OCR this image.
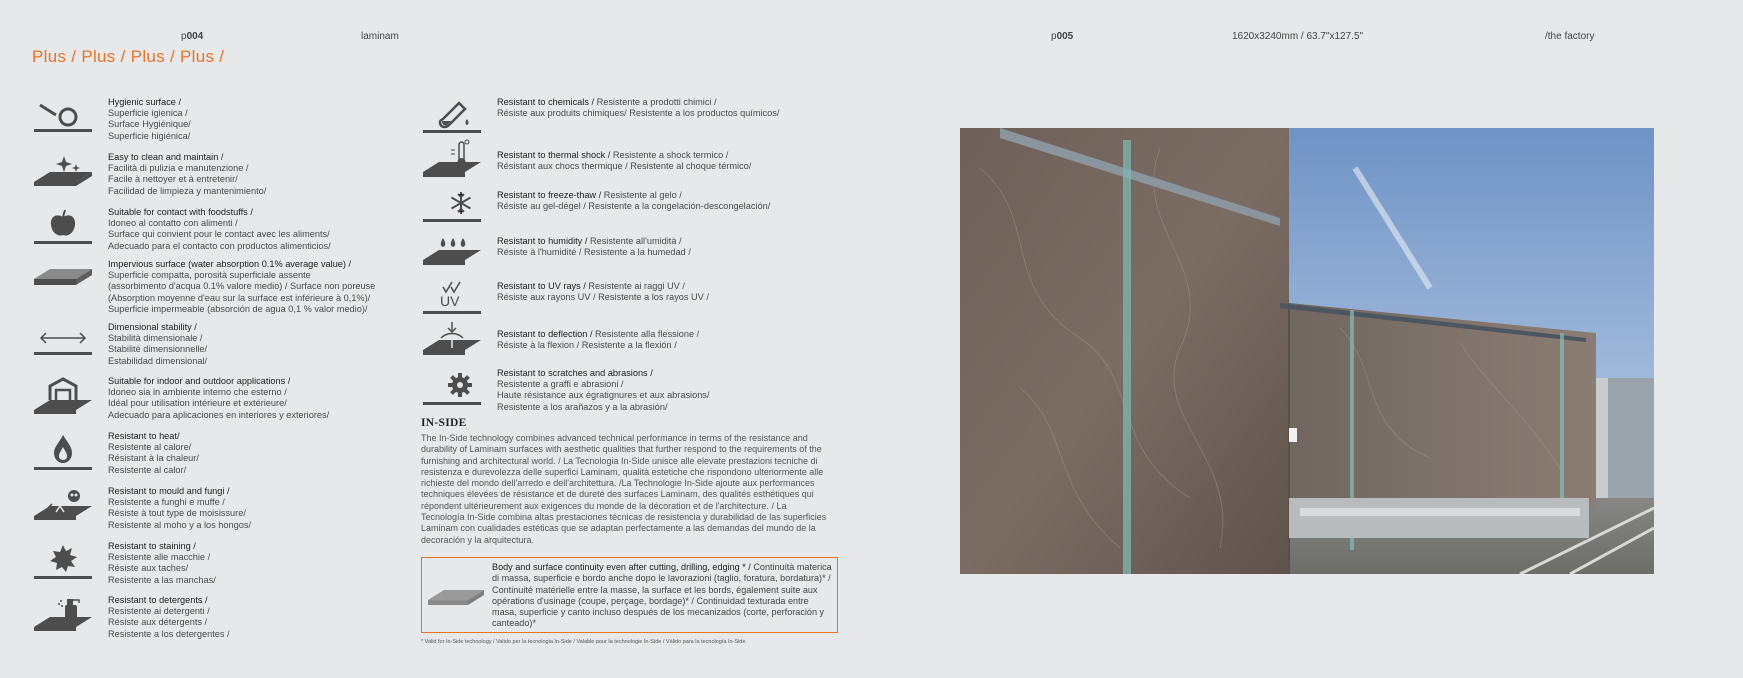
p004	laminam	p005	1620x3240mm / 63.7"x127.5"	/the factory
Plus / Plus / Plus / Plus /
Hygienic surface /
Superficie igienica /
Surface Hygiénique/
Superficie higiénica/
Easy to clean and maintain /
Facilità di pulizia e manutenzione /
Facile à nettoyer et à entretenir/
Facilidad de limpieza y mantenimiento/
Suitable for contact with foodstuffs /
Idoneo al contatto con alimenti /
Surface qui convient pour le contact avec les aliments/
Adecuado para el contacto con productos alimenticios/
Impervious surface (water absorption 0.1% average value) /
Superficie compatta, porosità superficiale assente
(assorbimento d'acqua 0.1% valore medio) / Surface non poreuse
(Absorption moyenne d'eau sur la surface est inférieure à 0,1%)/
Superficie impermeable (absorción de agua 0,1 % valor medio)/
Dimensional stability /
Stabilità dimensionale /
Stabilité dimensionnelle/
Estabilidad dimensional/
Suitable for indoor and outdoor applications /
Idoneo sia in ambiente interno che esterno /
Idéal pour utilisation intérieure et extérieure/
Adecuado para aplicaciones en interiores y exteriores/
Resistant to heat/
Resistente al calore/
Résistant à la chaleur/
Resistente al calor/
Resistant to mould and fungi /
Resistente a funghi e muffe /
Résiste à tout type de moisissure/
Resistente al moho y a los hongos/
Resistant to staining /
Resistente alle macchie /
Résiste aux taches/
Resistente a las manchas/
Resistant to detergents /
Resistente ai detergenti /
Résiste aux détergents /
Resistente a los detergentes /
Resistant to chemicals / Resistente a prodotti chimici /
Résiste aux produits chimiques/ Resistente a los productos químicos/
Resistant to thermal shock / Resistente a shock termico /
Résistant aux chocs thermique / Resistente al choque térmico/
Resistant to freeze-thaw / Resistente al gelo /
Résiste au gel-dégel / Resistente a la congelación-descongelación/
Resistant to humidity / Resistente all'umidità /
Résiste à l'humidité / Resistente a la humedad /
UV
Resistant to UV rays / Resistente ai raggi UV /
Résiste aux rayons UV / Resistente a los rayos UV /
Resistant to deflection / Resistente alla flessione /
Résiste à la flexion / Resistente a la flexión /
Resistant to scratches and abrasions /
Resistente a graffi e abrasioni /
Haute résistance aux égratignures et aux abrasions/
Resistente a los arañazos y a la abrasión/
IN-SIDE
The In-Side technology combines advanced technical performance in terms of the resistance and durability of Laminam surfaces with aesthetic qualities that further respond to the requirements of the furnishing and architectural world. / La Tecnologia In-Side unisce alle elevate prestazioni tecniche di resistenza e durevolezza delle superfici Laminam, qualità estetiche che rispondono ulteriormente alle richieste del mondo dell'arredo e dell'architettura. /La Technologie In-Side ajoute aux performances techniques élevées de résistance et de dureté des surfaces Laminam, des qualités esthétiques qui répondent ultérieurement aux exigences du monde de la décoration et de l'architecture. / La Tecnología In-Side combina altas prestaciones técnicas de resistencia y durabilidad de las superficies Laminam con cualidades estéticas que se adaptan perfectamente a las demandas del mundo de la decoración y la arquitectura.
Body and surface continuity even after cutting, drilling, edging * / Continuità materica di massa, superficie e bordo anche dopo le lavorazioni (taglio, foratura, bordatura)* / Continuité matérielle entre la masse, la surface et les bords, également suite aux opérations d'usinage (coupe, perçage, bordage)* / Continuidad texturada entre masa, superficie y canto incluso después de los mecanizados (corte, perforación y canteado)*
* Valid for In-Side technology / Valido per la tecnologia In-Side / Valable pour la technologie In-Side / Válido para la tecnología In-Side
